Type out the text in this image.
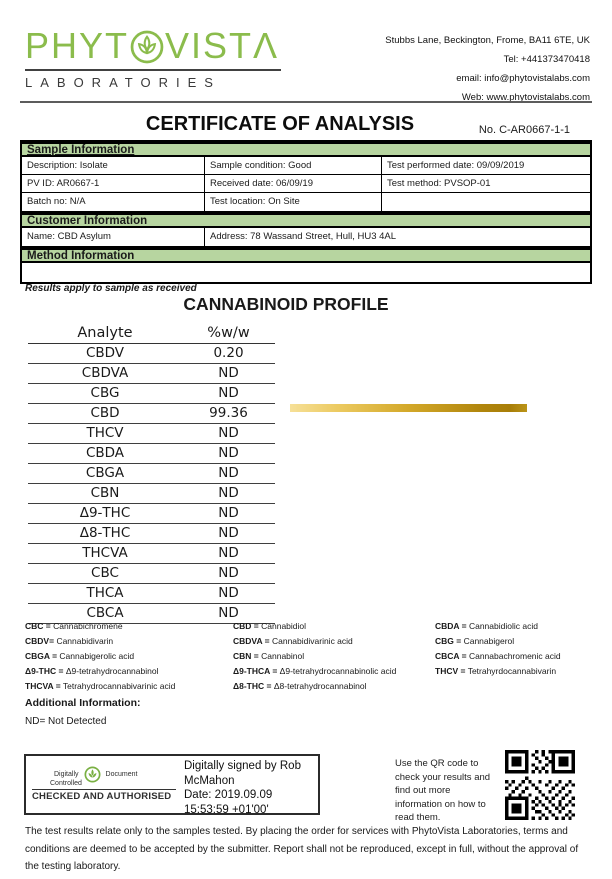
PHYT VISTΛ
LABORATORIES
Stubbs Lane, Beckington, Frome, BA11 6TE, UK
Tel: +441373470418
email: info@phytovistalabs.com
Web: www.phytovistalabs.com
CERTIFICATE OF ANALYSIS	No. C-AR0667-1-1
Sample Information
Description: Isolate	Sample condition: Good	Test performed date: 09/09/2019
PV ID: AR0667-1	Received date: 06/09/19	Test method: PVSOP-01
Batch no: N/A	Test location: On Site
Customer Information
Name: CBD Asylum	Address: 78 Wassand Street, Hull, HU3 4AL
Method Information
Results apply to sample as received
CANNABINOID PROFILE
Analyte	%w/w
CBDV	0.20
CBDVA	ND
CBG	ND
CBD	99.36
THCV	ND
CBDA	ND
CBGA	ND
CBN	ND
Δ9-THC	ND
Δ8-THC	ND
THCVA	ND
CBC	ND
THCA	ND
CBCA	ND
CBC = Cannabichromene
CBDV= Cannabidivarin
CBGA = Cannabigerolic acid
Δ9-THC = Δ9-tetrahydrocannabinol
THCVA = Tetrahydrocannabivarinic acid
CBD = Cannabidiol
CBDVA = Cannabidivarinic acid
CBN = Cannabinol
Δ9-THCA = Δ9-tetrahydrocannabinolic acid
Δ8-THC = Δ8-tetrahydrocannabinol
CBDA = Cannabidiolic acid
CBG = Cannabigerol
CBCA = Cannabachromenic acid
THCV = Tetrahyrdocannabivarin
Additional Information:
ND= Not Detected
Digitally	Document
Controlled
CHECKED AND AUTHORISED
Digitally signed by Rob McMahon
Date: 2019.09.09 15:53:59 +01'00'
Use the QR code to check your results and find out more information on how to read them.
The test results relate only to the samples tested. By placing the order for services with PhytoVista Laboratories, terms and conditions are deemed to be accepted by the submitter. Report shall not be reproduced, except in full, without the approval of the testing laboratory.
